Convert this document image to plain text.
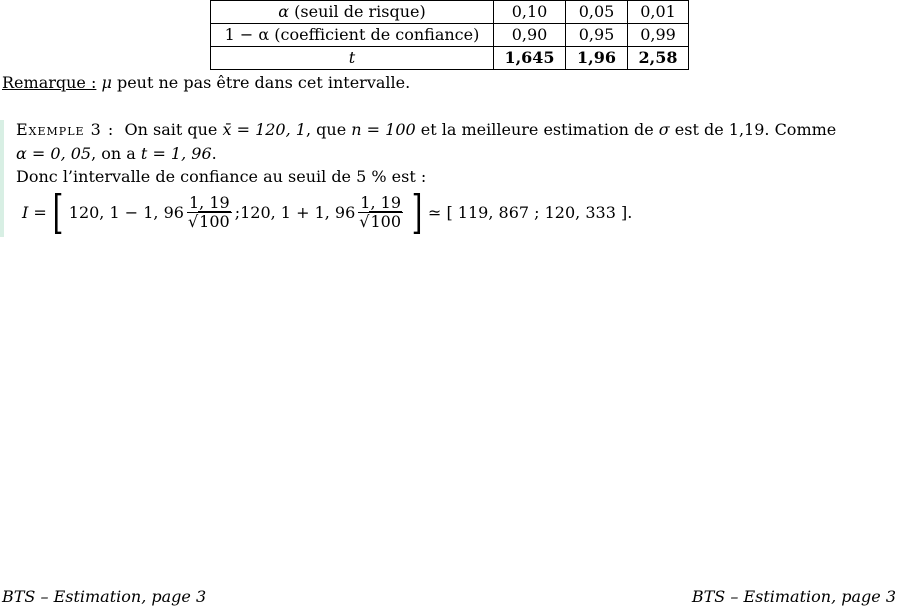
α (seuil de risque)	0,10	0,05	0,01
1 − α (coefficient de confiance)	0,90	0,95	0,99
t	1,645	1,96	2,58
Remarque : μ peut ne pas être dans cet intervalle.
Exemple 3 : On sait que x̄ = 120, 1, que n = 100 et la meilleure estimation de σ est de 1,19. Comme
α = 0, 05, on a t = 1, 96.
Donc l’intervalle de confiance au seuil de 5 % est :
I = [ 120, 1 − 1, $96 \frac{1, 19}{√100}$ ; 120, 1 + 1, $96 \frac{1, 19}{√100}$ ] ≃ [ 119, 867 ; 120, 333 ].
BTS – Estimation, page 3	BTS – Estimation, page 3
